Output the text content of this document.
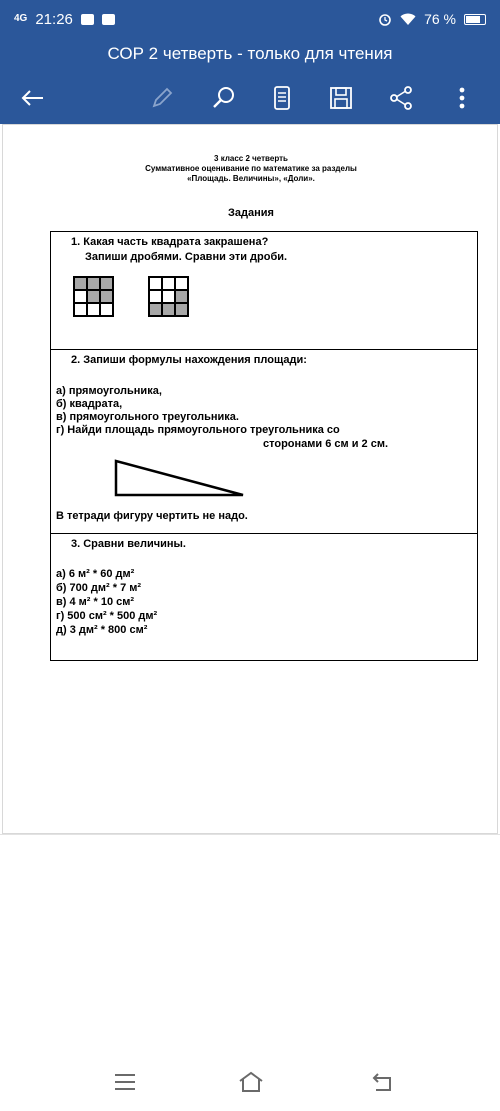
4G 21:26	76 %
СОР 2 четверть - только для чтения
3 класс 2 четверть
Суммативное оценивание по математике за разделы
«Площадь. Величины», «Доли».
Задания
1. Какая часть квадрата закрашена?
Запиши дробями. Сравни эти дроби.
2. Запиши формулы нахождения площади:
а) прямоугольника,
б) квадрата,
в) прямоугольного треугольника.
г) Найди площадь прямоугольного треугольника со
сторонами 6 см и 2 см.
В тетради фигуру чертить не надо.
3. Сравни величины.
а) 6 м² * 60 дм²
б) 700 дм² * 7 м²
в) 4 м² * 10 см²
г) 500 см² * 500 дм²
д) 3 дм² * 800 см²
